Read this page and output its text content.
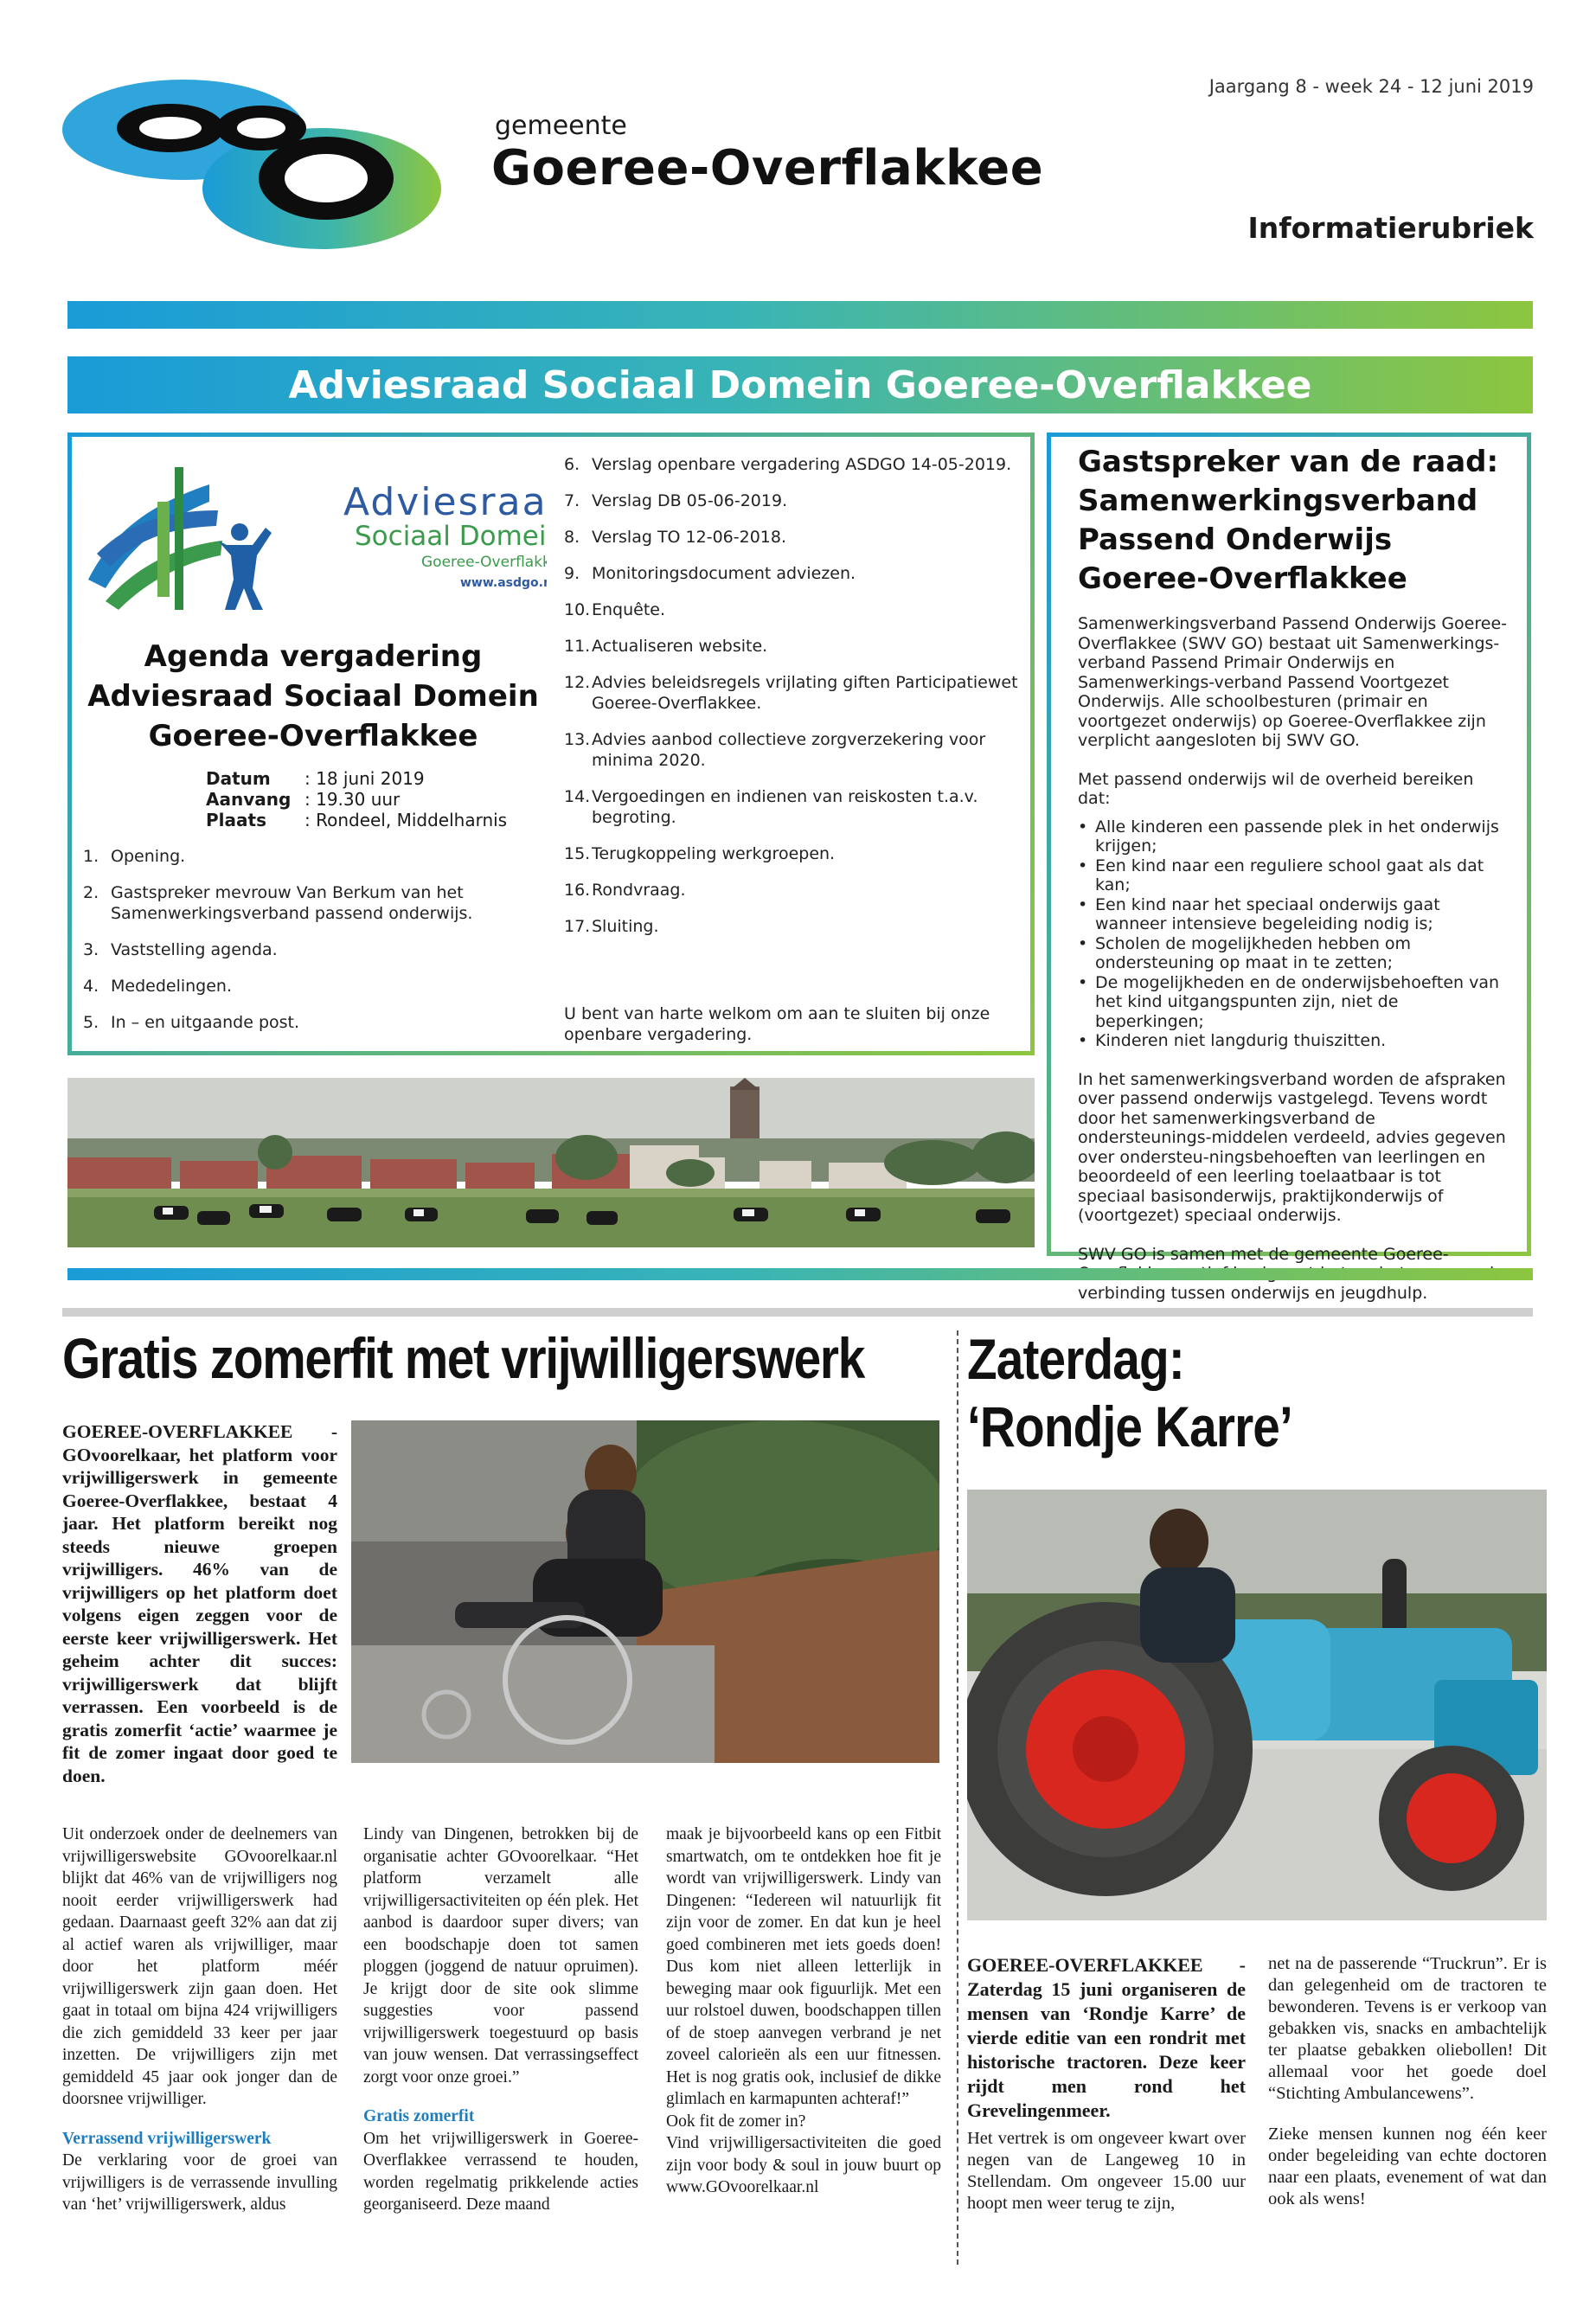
gemeente
Goeree-Overflakkee
Jaargang 8 - week 24 - 12 juni 2019
Informatierubriek
Adviesraad Sociaal Domein Goeree-Overflakkee
Adviesraa
Sociaal Domein
Goeree-Overflakk
www.asdgo.nl
Agenda vergadering
Adviesraad Sociaal Domein
Goeree-Overflakkee
Datum	: 18 juni 2019
Aanvang	: 19.30 uur
Plaats	: Rondeel, Middelharnis
1. Opening.
2. Gastspreker mevrouw Van Berkum van het Samenwerkingsverband passend onderwijs.
3. Vaststelling agenda.
4. Mededelingen.
5. In – en uitgaande post.
6. Verslag openbare vergadering ASDGO 14-05-2019.
7. Verslag DB 05-06-2019.
8. Verslag TO 12-06-2018.
9. Monitoringsdocument adviezen.
10. Enquête.
11. Actualiseren website.
12. Advies beleidsregels vrijlating giften Participatiewet Goeree-Overflakkee.
13. Advies aanbod collectieve zorgverzekering voor minima 2020.
14. Vergoedingen en indienen van reiskosten t.a.v. begroting.
15. Terugkoppeling werkgroepen.
16. Rondvraag.
17. Sluiting.
U bent van harte welkom om aan te sluiten bij onze openbare vergadering.
Gastspreker van de raad: Samenwerkingsverband Passend Onderwijs Goeree-Overflakkee

Samenwerkingsverband Passend Onderwijs Goeree-Overflakkee (SWV GO) bestaat uit Samenwerkings-verband Passend Primair Onderwijs en Samenwerkings-verband Passend Voortgezet Onderwijs. Alle schoolbesturen (primair en voortgezet onderwijs) op Goeree-Overflakkee zijn verplicht aangesloten bij SWV GO.

Met passend onderwijs wil de overheid bereiken dat:

• Alle kinderen een passende plek in het onderwijs krijgen;
• Een kind naar een reguliere school gaat als dat kan;
• Een kind naar het speciaal onderwijs gaat wanneer intensieve begeleiding nodig is;
• Scholen de mogelijkheden hebben om ondersteuning op maat in te zetten;
• De mogelijkheden en de onderwijsbehoeften van het kind uitgangspunten zijn, niet de beperkingen;
• Kinderen niet langdurig thuiszitten.

In het samenwerkingsverband worden de afspraken over passend onderwijs vastgelegd. Tevens wordt door het samenwerkingsverband de ondersteunings-middelen verdeeld, advies gegeven over ondersteu-ningsbehoeften van leerlingen en beoordeeld of een leerling toelaatbaar is tot speciaal basisonderwijs, praktijkonderwijs of (voortgezet) speciaal onderwijs.

SWV GO is samen met de gemeente Goeree- verbinding tussen onderwijs en jeugdhulp.

Gratis zomerfit met vrijwilligerswerk
GOEREE-OVERFLAKKEE - GOvoorelkaar, het platform voor vrijwilligerswerk in gemeente Goeree-Overflakkee, bestaat 4 jaar. Het platform bereikt nog steeds nieuwe groepen vrijwilligers. 46% van de vrijwilligers op het platform doet volgens eigen zeggen voor de eerste keer vrijwilligerswerk. Het geheim achter dit succes: vrijwilligerswerk dat blijft verrassen. Een voorbeeld is de gratis zomerfit ‘actie’ waarmee je fit de zomer ingaat door goed te doen.

Uit onderzoek onder de deelnemers van vrijwilligerswebsite GOvoorelkaar.nl blijkt dat 46% van de vrijwilligers nog nooit eerder vrijwilligerswerk had gedaan. Daarnaast geeft 32% aan dat zij al actief waren als vrijwilliger, maar door het platform méér vrijwilligerswerk zijn gaan doen. Het gaat in totaal om bijna 424 vrijwilligers die zich gemiddeld 33 keer per jaar inzetten. De vrijwilligers zijn met gemiddeld 45 jaar ook jonger dan de doorsnee vrijwilliger.

Verrassend vrijwilligerswerk

De verklaring voor de groei van vrijwilligers is de verrassende invulling van ‘het’ vrijwilligerswerk, aldus

Lindy van Dingenen, betrokken bij de organisatie achter GOvoorelkaar. “Het platform verzamelt alle vrijwilligersactiviteiten op één plek. Het aanbod is daardoor super divers; van een boodschapje doen tot samen ploggen (joggend de natuur opruimen). Je krijgt door de site ook slimme suggesties voor passend vrijwilligerswerk toegestuurd op basis van jouw wensen. Dat verrassingseffect zorgt voor onze groei.”

Gratis zomerfit

Om het vrijwilligerswerk in Goeree-Overflakkee verrassend te houden, worden regelmatig prikkelende acties georganiseerd. Deze maand

maak je bijvoorbeeld kans op een Fitbit smartwatch, om te ontdekken hoe fit je wordt van vrijwilligerswerk. Lindy van Dingenen: “Iedereen wil natuurlijk fit zijn voor de zomer. En dat kun je heel goed combineren met iets goeds doen! Dus kom niet alleen letterlijk in beweging maar ook figuurlijk. Met een uur rolstoel duwen, boodschappen tillen of de stoep aanvegen verbrand je net zoveel calorieën als een uur fitnessen. Het is nog gratis ook, inclusief de dikke glimlach en karmapunten achteraf!”

Ook fit de zomer in?

Vind vrijwilligersactiviteiten die goed zijn voor body & soul in jouw buurt op www.GOvoorelkaar.nl

Zaterdag:
‘Rondje Karre’
GOEREE-OVERFLAKKEE - Zaterdag 15 juni organiseren de mensen van ‘Rondje Karre’ de vierde editie van een rondrit met historische tractoren. Deze keer rijdt men rond het Grevelingenmeer.

Het vertrek is om ongeveer kwart over negen van de Langeweg 10 in Stellendam. Om ongeveer 15.00 uur hoopt men weer terug te zijn,

net na de passerende “Truckrun”. Er is dan gelegenheid om de tractoren te bewonderen. Tevens is er verkoop van gebakken vis, snacks en ambachtelijk ter plaatse gebakken oliebollen! Dit allemaal voor het goede doel “Stichting Ambulancewens”.

Zieke mensen kunnen nog één keer onder begeleiding van echte doctoren naar een plaats, evenement of wat dan ook als wens!
